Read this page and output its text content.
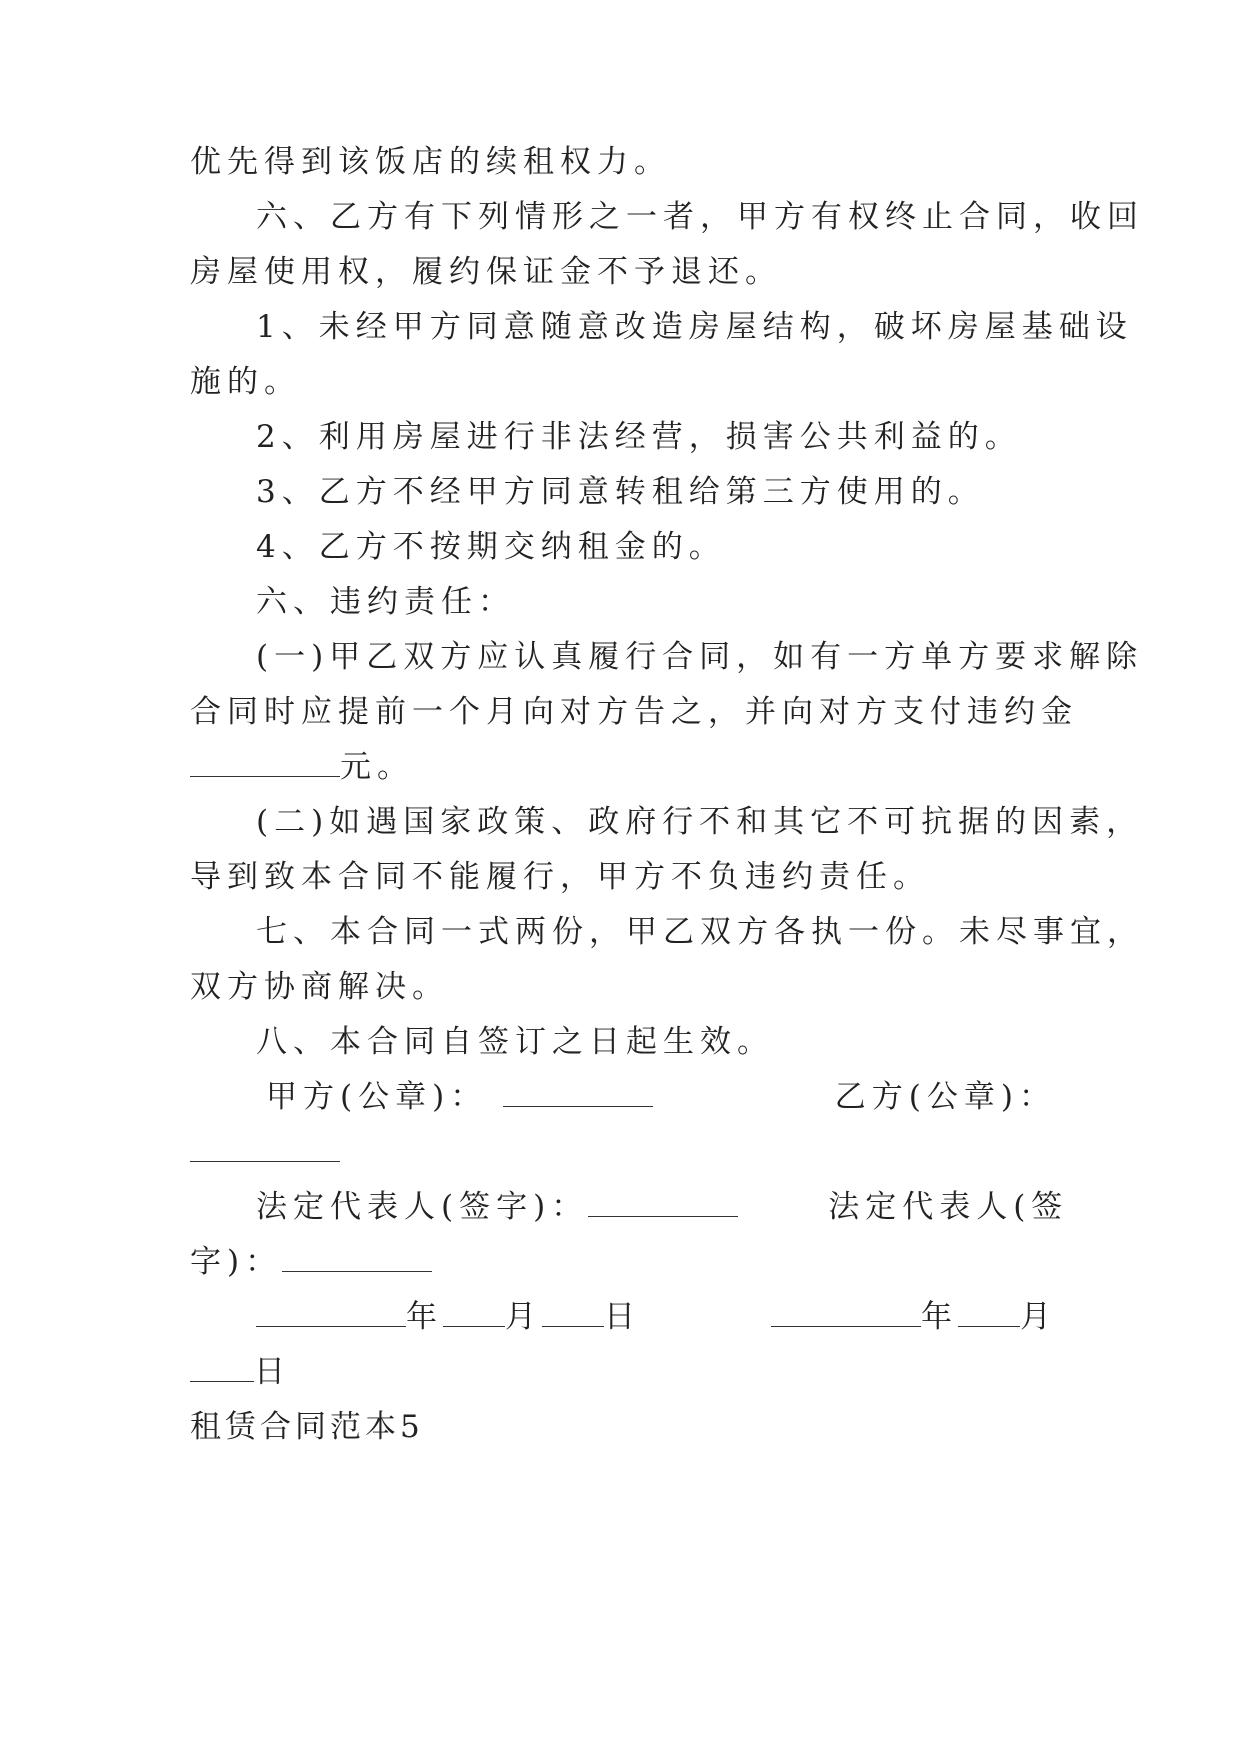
优先得到该饭店的续租权力。
六、乙方有下列情形之一者，甲方有权终止合同，收回
房屋使用权，履约保证金不予退还。
1、未经甲方同意随意改造房屋结构，破坏房屋基础设
施的。
2、利用房屋进行非法经营，损害公共利益的。
3、乙方不经甲方同意转租给第三方使用的。
4、乙方不按期交纳租金的。
六、违约责任：
(一)甲乙双方应认真履行合同，如有一方单方要求解除
合同时应提前一个月向对方告之，并向对方支付违约金
元。
(二)如遇国家政策、政府行不和其它不可抗据的因素，
导到致本合同不能履行，甲方不负违约责任。
七、本合同一式两份，甲乙双方各执一份。未尽事宜，
双方协商解决。
八、本合同自签订之日起生效。
甲方(公章)：	乙方(公章)：
法定代表人(签字)：	法定代表人(签
字)：
年 月 日	年 月
日
租赁合同范本5
